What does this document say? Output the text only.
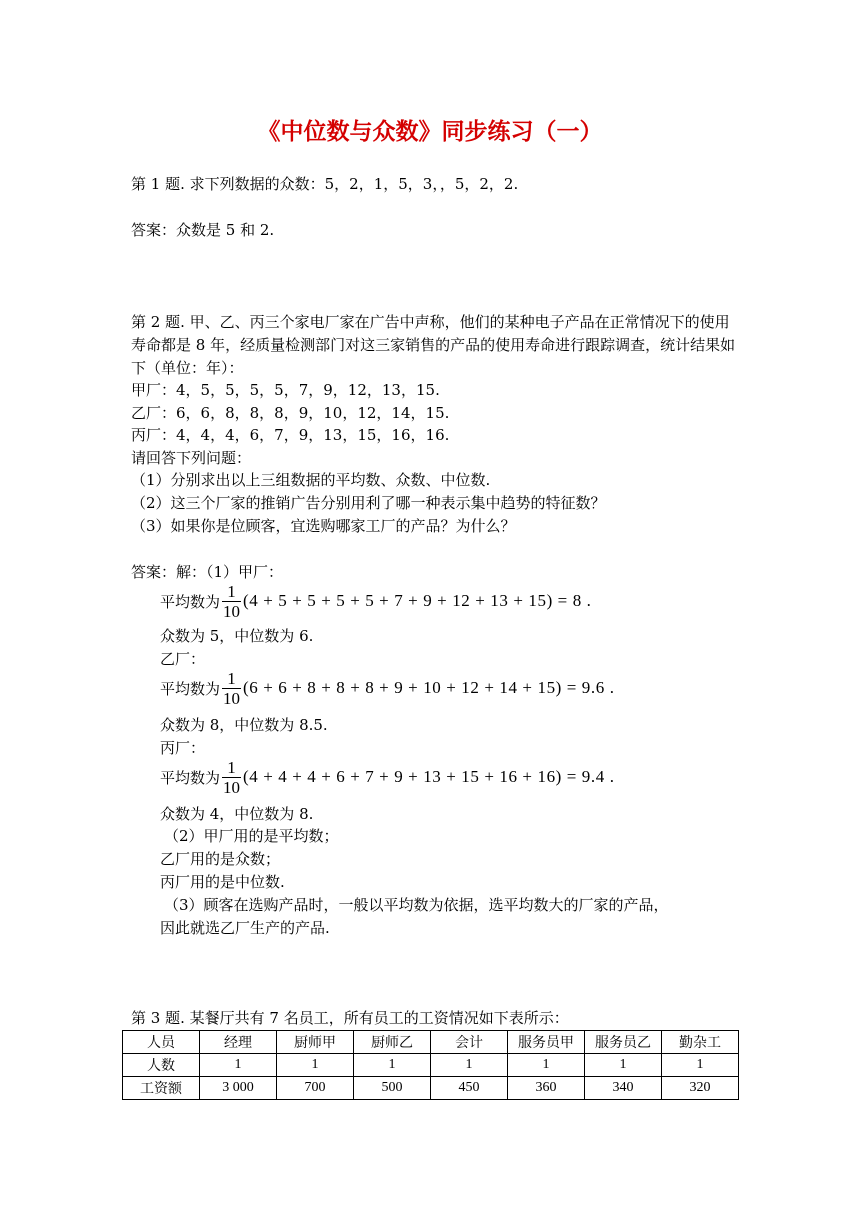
《中位数与众数》同步练习（一）
第 1 题. 求下列数据的众数：5，2，1，5，3，，5，2，2.
答案：众数是 5 和 2.
第 2 题. 甲、乙、丙三个家电厂家在广告中声称，他们的某种电子产品在正常情况下的使用
寿命都是 8 年，经质量检测部门对这三家销售的产品的使用寿命进行跟踪调查，统计结果如
下（单位：年）：
甲厂：4，5，5，5，5，7，9，12，13，15.
乙厂：6，6，8，8，8，9，10，12，14，15.
丙厂：4，4，4，6，7，9，13，15，16，16.
请回答下列问题：
（1）分别求出以上三组数据的平均数、众数、中位数.
（2）这三个厂家的推销广告分别用利了哪一种表示集中趋势的特征数？
（3）如果你是位顾客，宜选购哪家工厂的产品？为什么？
答案：解：（1）甲厂：
平均数为 $\frac{1}{10} (4 + 5 + 5 + 5 + 5 + 7 + 9 + 12 + 13 + 15) = 8$ .
众数为 5，中位数为 6.
乙厂：
平均数为 $\frac{1}{10} (6 + 6 + 8 + 8 + 8 + 9 + 10 + 12 + 14 + 15) = 9.6$ .
众数为 8，中位数为 8.5.
丙厂：
平均数为 $\frac{1}{10} (4 + 4 + 4 + 6 + 7 + 9 + 13 + 15 + 16 + 16) = 9.4$ .
众数为 4，中位数为 8.
（2）甲厂用的是平均数；
乙厂用的是众数；
丙厂用的是中位数.
（3）顾客在选购产品时，一般以平均数为依据，选平均数大的厂家的产品，
因此就选乙厂生产的产品.
第 3 题. 某餐厅共有 7 名员工，所有员工的工资情况如下表所示：
人员	经理	厨师甲	厨师乙	会计	服务员甲	服务员乙	勤杂工
人数	1	1	1	1	1	1	1
工资额	3 000	700	500	450	360	340	320
